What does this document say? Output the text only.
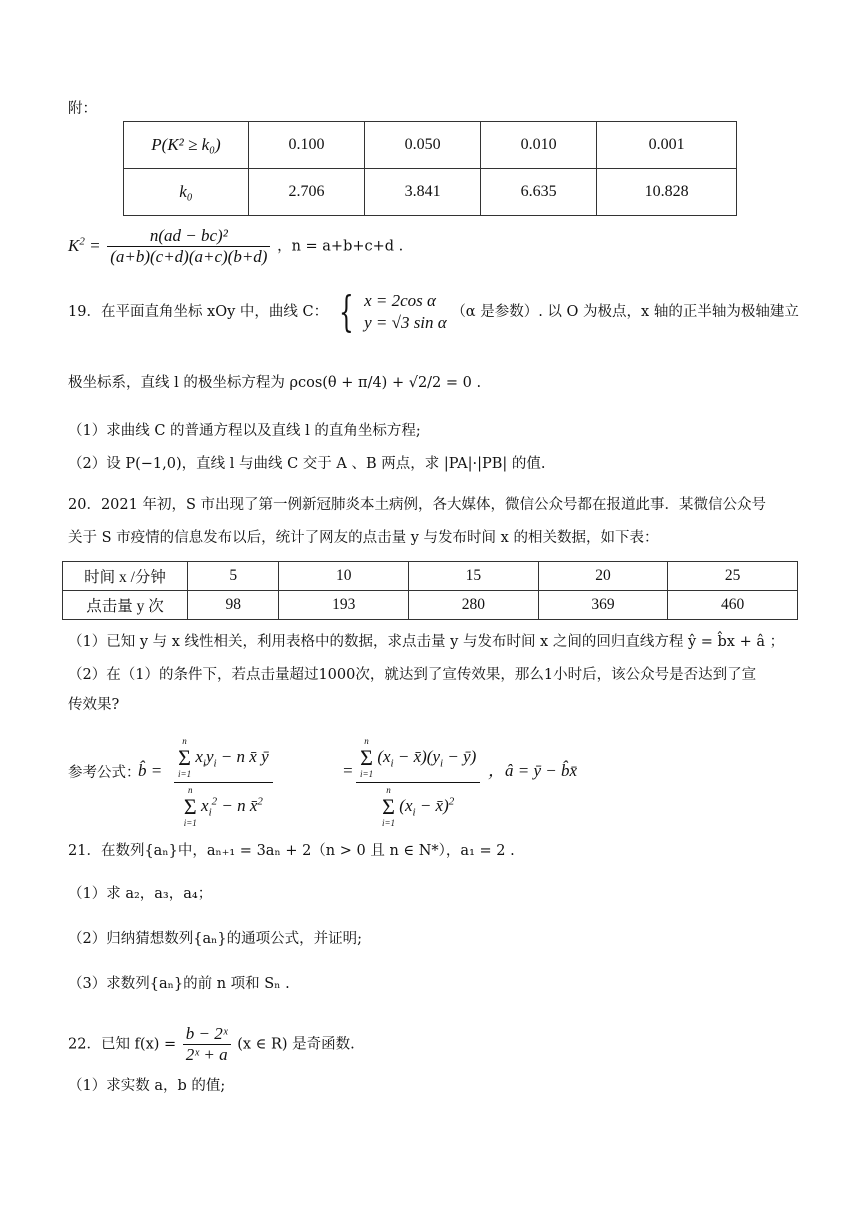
附：
P(K² ≥ k₀)	0.100	0.050	0.010	0.001
k₀	2.706	3.841	6.635	10.828
$K^2 = \frac{\text{n(ad − bc)²}}{(a+b)(c+d)(a+c)(b+d)}$ ，n = a+b+c+d .
19．在平面直角坐标 xOy 中，曲线 C： { x = 2cos α
y = √3 sin α
（α 是参数）. 以 O 为极点，x 轴的正半轴为极轴建立
极坐标系，直线 l 的极坐标方程为 ρcos(θ + π/4) + √2/2 = 0 .
（1）求曲线 C 的普通方程以及直线 l 的直角坐标方程;
（2）设 P(−1,0)，直线 l 与曲线 C 交于 A 、B 两点，求 |PA|·|PB| 的值.
20．2021 年初，S 市出现了第一例新冠肺炎本土病例，各大媒体，微信公众号都在报道此事．某微信公众号
关于 S 市疫情的信息发布以后，统计了网友的点击量 y 与发布时间 x 的相关数据，如下表：
时间 x /分钟	5	10	15	20	25
点击量 y 次	98	193	280	369	460
（1）已知 y 与 x 线性相关，利用表格中的数据，求点击量 y 与发布时间 x 之间的回归直线方程 ŷ = b̂x + â ；
（2）在（1）的条件下，若点击量超过1000次，就达到了宣传效果，那么1小时后，该公众号是否达到了宣
传效果?
参考公式：
b̂ =
n
Σ
i=1 $x_iy_i - n$ x̄ ȳ
n
Σ
i=1 $x_i^2 - n$ x̄$^2$
=
n
Σ
i=1 ($x_i$ − $x̄)(y_i$ − ȳ)
n
Σ
i=1 ($x_i$ − x̄)$^2$
，â = ȳ − b̂x̄
21．在数列{aₙ}中，aₙ₊₁ = 3aₙ + 2（n > 0 且 n ∈ N*），a₁ = 2 .
（1）求 a₂，a₃，a₄；
（2）归纳猜想数列{aₙ}的通项公式，并证明;
（3）求数列{aₙ}的前 n 项和 Sₙ .
22．已知 $f(x) = \frac{\text{b − 2ˣ}}{\text{2ˣ + a}} (x$ ∈ R) 是奇函数.
（1）求实数 a，b 的值;
